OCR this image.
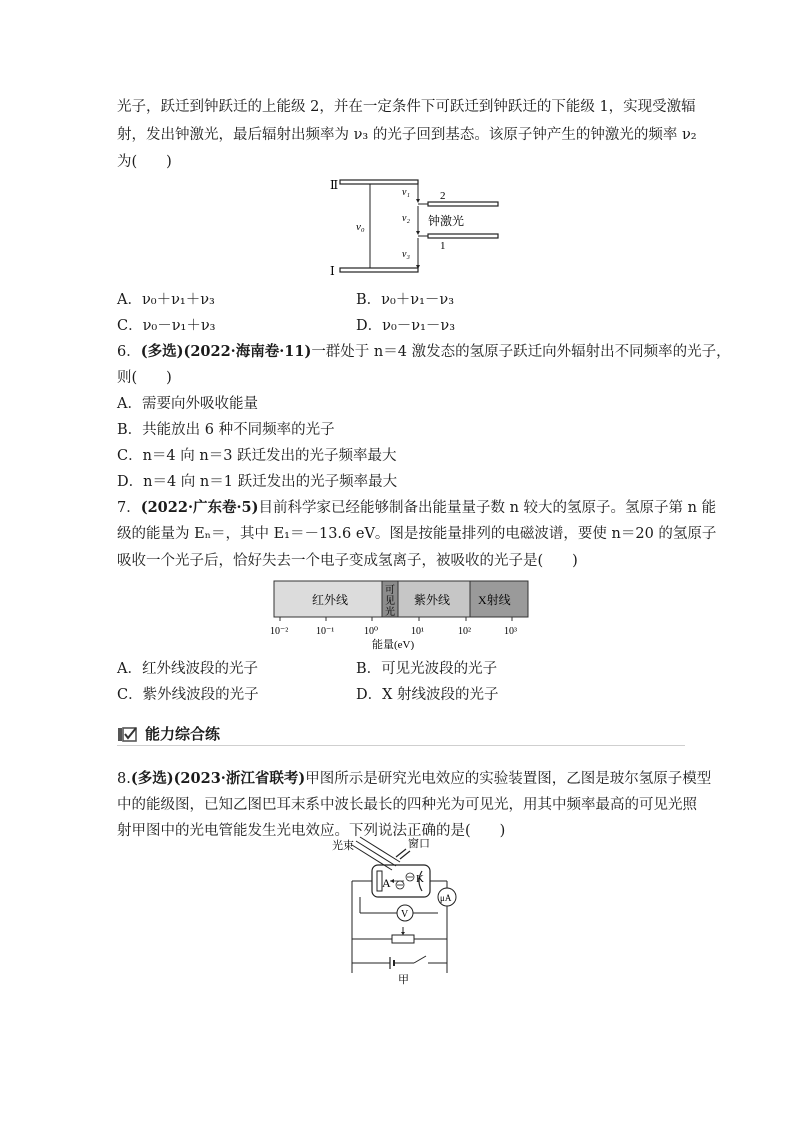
光子，跃迁到钟跃迁的上能级 2，并在一定条件下可跃迁到钟跃迁的下能级 1，实现受激辐
射，发出钟激光，最后辐射出频率为 ν₃ 的光子回到基态。该原子钟产生的钟激光的频率 ν₂
为(　　)
Ⅱ
Ⅰ
ν₀
ν₁
ν₂
ν₃
2
1
钟激光
A．ν₀＋ν₁＋ν₃	B．ν₀＋ν₁－ν₃
C．ν₀－ν₁＋ν₃	D．ν₀－ν₁－ν₃
6．(多选)(2022·海南卷·11)一群处于 n＝4 激发态的氢原子跃迁向外辐射出不同频率的光子，
则(　　)
A．需要向外吸收能量
B．共能放出 6 种不同频率的光子
C．n＝4 向 n＝3 跃迁发出的光子频率最大
D．n＝4 向 n＝1 跃迁发出的光子频率最大
7．(2022·广东卷·5)目前科学家已经能够制备出能量量子数 n 较大的氢原子。氢原子第 n 能
级的能量为 Eₙ＝，其中 E₁＝－13.6 eV。图是按能量排列的电磁波谱，要使 n＝20 的氢原子
吸收一个光子后，恰好失去一个电子变成氢离子，被吸收的光子是(　　)
红外线
可
见
光
紫外线 X射线
10⁻²	10⁻¹	10⁰	10¹	10²	10³
能量(eV)
A．红外线波段的光子	B．可见光波段的光子
C．紫外线波段的光子	D．X 射线波段的光子
能力综合练
8.(多选)(2023·浙江省联考)甲图所示是研究光电效应的实验装置图，乙图是玻尔氢原子模型
中的能级图，已知乙图巴耳末系中波长最长的四种光为可见光，用其中频率最高的可见光照
射甲图中的光电管能发生光电效应。下列说法正确的是(　　)
光束	窗口
A K
μA
V
甲
